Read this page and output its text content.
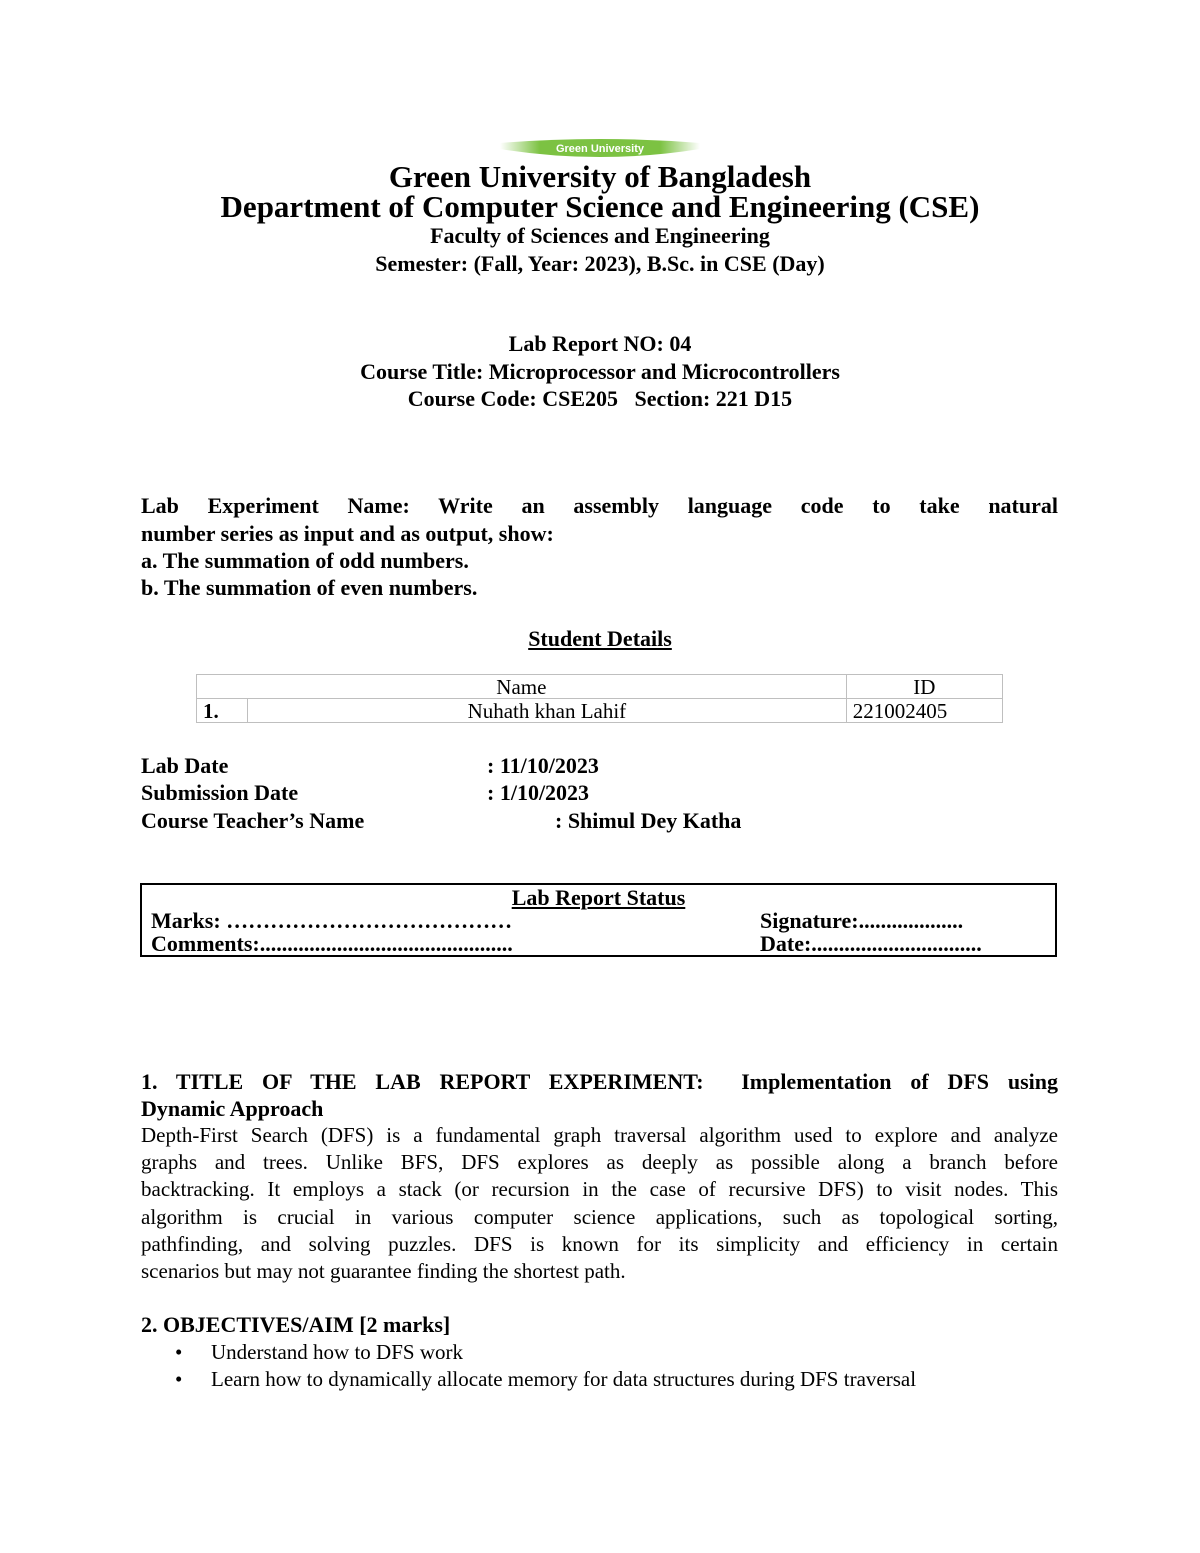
Green University
Green University of Bangladesh
Department of Computer Science and Engineering (CSE)
Faculty of Sciences and Engineering
Semester: (Fall, Year: 2023), B.Sc. in CSE (Day)
Lab Report NO: 04
Course Title: Microprocessor and Microcontrollers
Course Code: CSE205   Section: 221 D15
Lab Experiment Name: Write an assembly language code to take natural
number series as input and as output, show:
a. The summation of odd numbers.
b. The summation of even numbers.
Student Details
Name		ID
1.	Nuhath khan Lahif	221002405
Lab Date	: 11/10/2023
Submission Date	: 1/10/2023
Course Teacher’s Name	: Shimul Dey Katha
Lab Report Status
Marks: …………………………………	Signature:...................
Comments:..............................................	Date:...............................
1. TITLE OF THE LAB REPORT EXPERIMENT:  Implementation of DFS using
Dynamic Approach
Depth-First Search (DFS) is a fundamental graph traversal algorithm used to explore and analyze
graphs and trees. Unlike BFS, DFS explores as deeply as possible along a branch before
backtracking. It employs a stack (or recursion in the case of recursive DFS) to visit nodes. This
algorithm is crucial in various computer science applications, such as topological sorting,
pathfinding, and solving puzzles. DFS is known for its simplicity and efficiency in certain
scenarios but may not guarantee finding the shortest path.
2. OBJECTIVES/AIM [2 marks]
• Understand how to DFS work
• Learn how to dynamically allocate memory for data structures during DFS traversal
